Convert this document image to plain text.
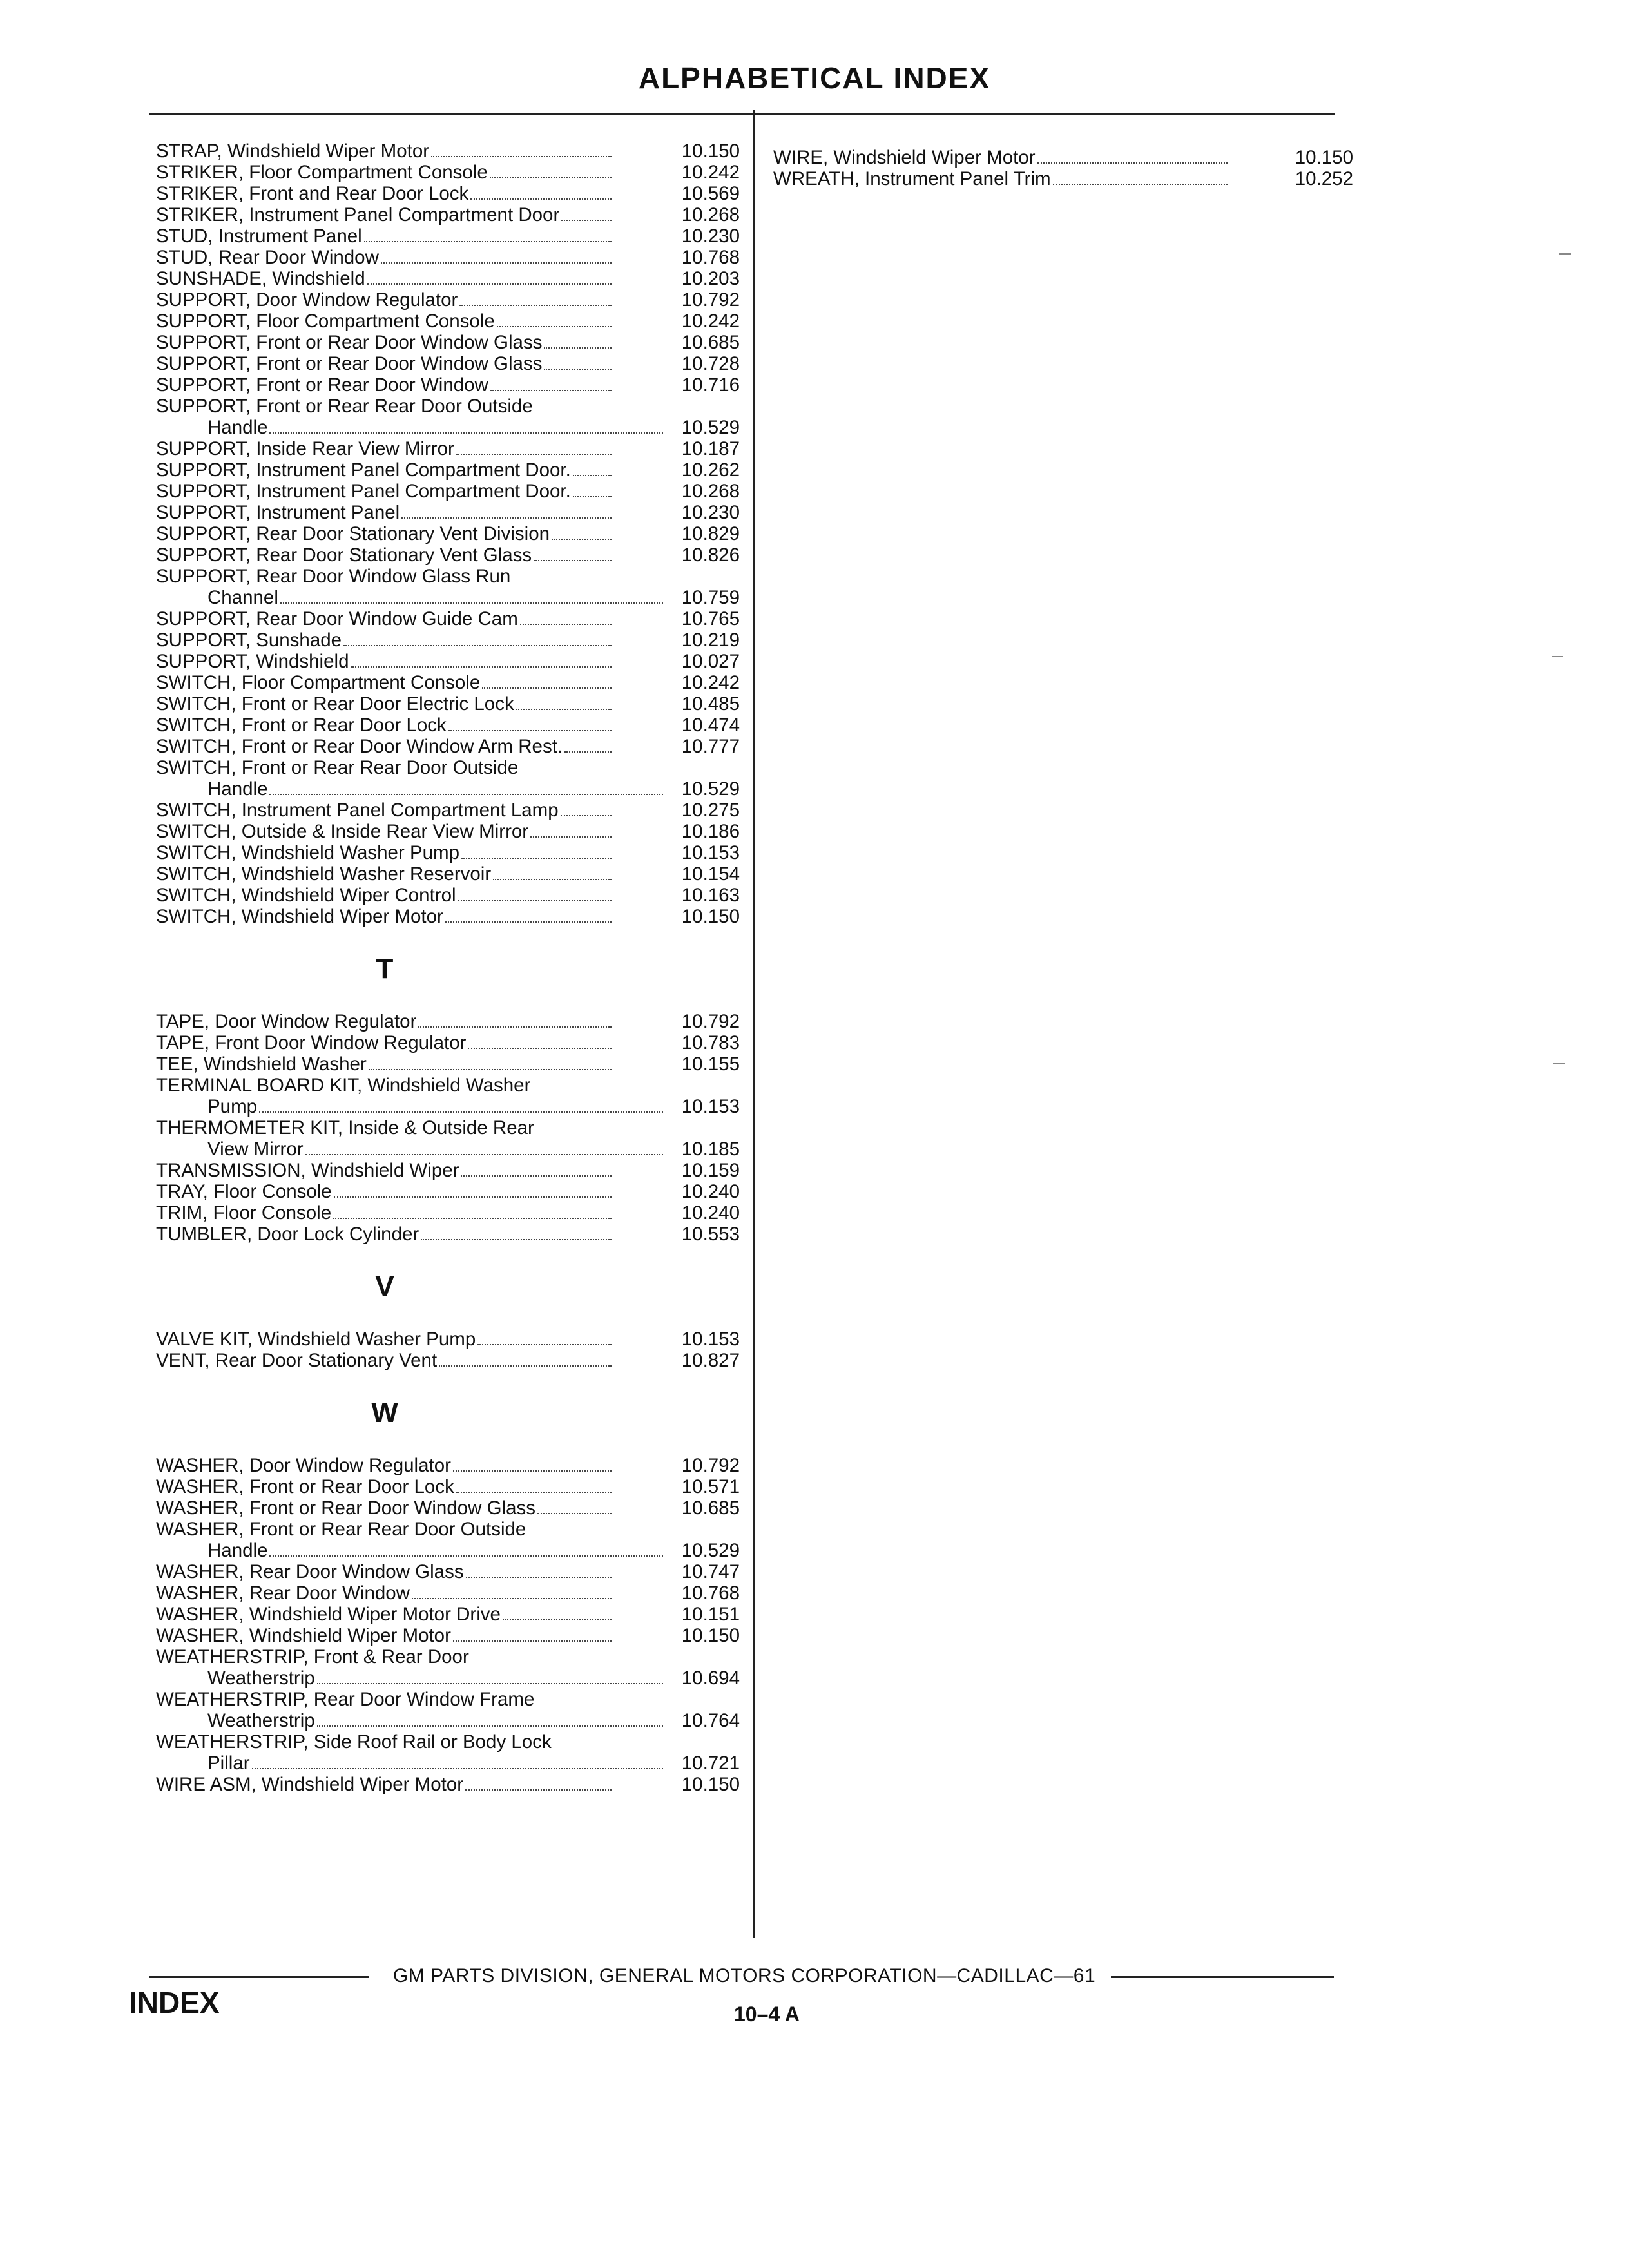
ALPHABETICAL INDEX
STRAP, Windshield Wiper Motor	10.150
STRIKER, Floor Compartment Console	10.242
STRIKER, Front and Rear Door Lock	10.569
STRIKER, Instrument Panel Compartment Door	10.268
STUD, Instrument Panel	10.230
STUD, Rear Door Window	10.768
SUNSHADE, Windshield	10.203
SUPPORT, Door Window Regulator	10.792
SUPPORT, Floor Compartment Console	10.242
SUPPORT, Front or Rear Door Window Glass	10.685
SUPPORT, Front or Rear Door Window Glass	10.728
SUPPORT, Front or Rear Door Window	10.716
SUPPORT, Front or Rear Rear Door Outside
Handle	10.529
SUPPORT, Inside Rear View Mirror	10.187
SUPPORT, Instrument Panel Compartment Door.	10.262
SUPPORT, Instrument Panel Compartment Door.	10.268
SUPPORT, Instrument Panel	10.230
SUPPORT, Rear Door Stationary Vent Division	10.829
SUPPORT, Rear Door Stationary Vent Glass	10.826
SUPPORT, Rear Door Window Glass Run
Channel	10.759
SUPPORT, Rear Door Window Guide Cam	10.765
SUPPORT, Sunshade	10.219
SUPPORT, Windshield	10.027
SWITCH, Floor Compartment Console	10.242
SWITCH, Front or Rear Door Electric Lock	10.485
SWITCH, Front or Rear Door Lock	10.474
SWITCH, Front or Rear Door Window Arm Rest.	10.777
SWITCH, Front or Rear Rear Door Outside
Handle	10.529
SWITCH, Instrument Panel Compartment Lamp	10.275
SWITCH, Outside & Inside Rear View Mirror	10.186
SWITCH, Windshield Washer Pump	10.153
SWITCH, Windshield Washer Reservoir	10.154
SWITCH, Windshield Wiper Control	10.163
SWITCH, Windshield Wiper Motor	10.150
T
TAPE, Door Window Regulator	10.792
TAPE, Front Door Window Regulator	10.783
TEE, Windshield Washer	10.155
TERMINAL BOARD KIT, Windshield Washer
Pump	10.153
THERMOMETER KIT, Inside & Outside Rear
View Mirror	10.185
TRANSMISSION, Windshield Wiper	10.159
TRAY, Floor Console	10.240
TRIM, Floor Console	10.240
TUMBLER, Door Lock Cylinder	10.553
V
VALVE KIT, Windshield Washer Pump	10.153
VENT, Rear Door Stationary Vent	10.827
W
WASHER, Door Window Regulator	10.792
WASHER, Front or Rear Door Lock	10.571
WASHER, Front or Rear Door Window Glass	10.685
WASHER, Front or Rear Rear Door Outside
Handle	10.529
WASHER, Rear Door Window Glass	10.747
WASHER, Rear Door Window	10.768
WASHER, Windshield Wiper Motor Drive	10.151
WASHER, Windshield Wiper Motor	10.150
WEATHERSTRIP, Front & Rear Door
Weatherstrip	10.694
WEATHERSTRIP, Rear Door Window Frame
Weatherstrip	10.764
WEATHERSTRIP, Side Roof Rail or Body Lock
Pillar	10.721
WIRE ASM, Windshield Wiper Motor	10.150
WIRE, Windshield Wiper Motor	10.150
WREATH, Instrument Panel Trim	10.252
GM PARTS DIVISION, GENERAL MOTORS CORPORATION—CADILLAC—61
INDEX	10–4 A
